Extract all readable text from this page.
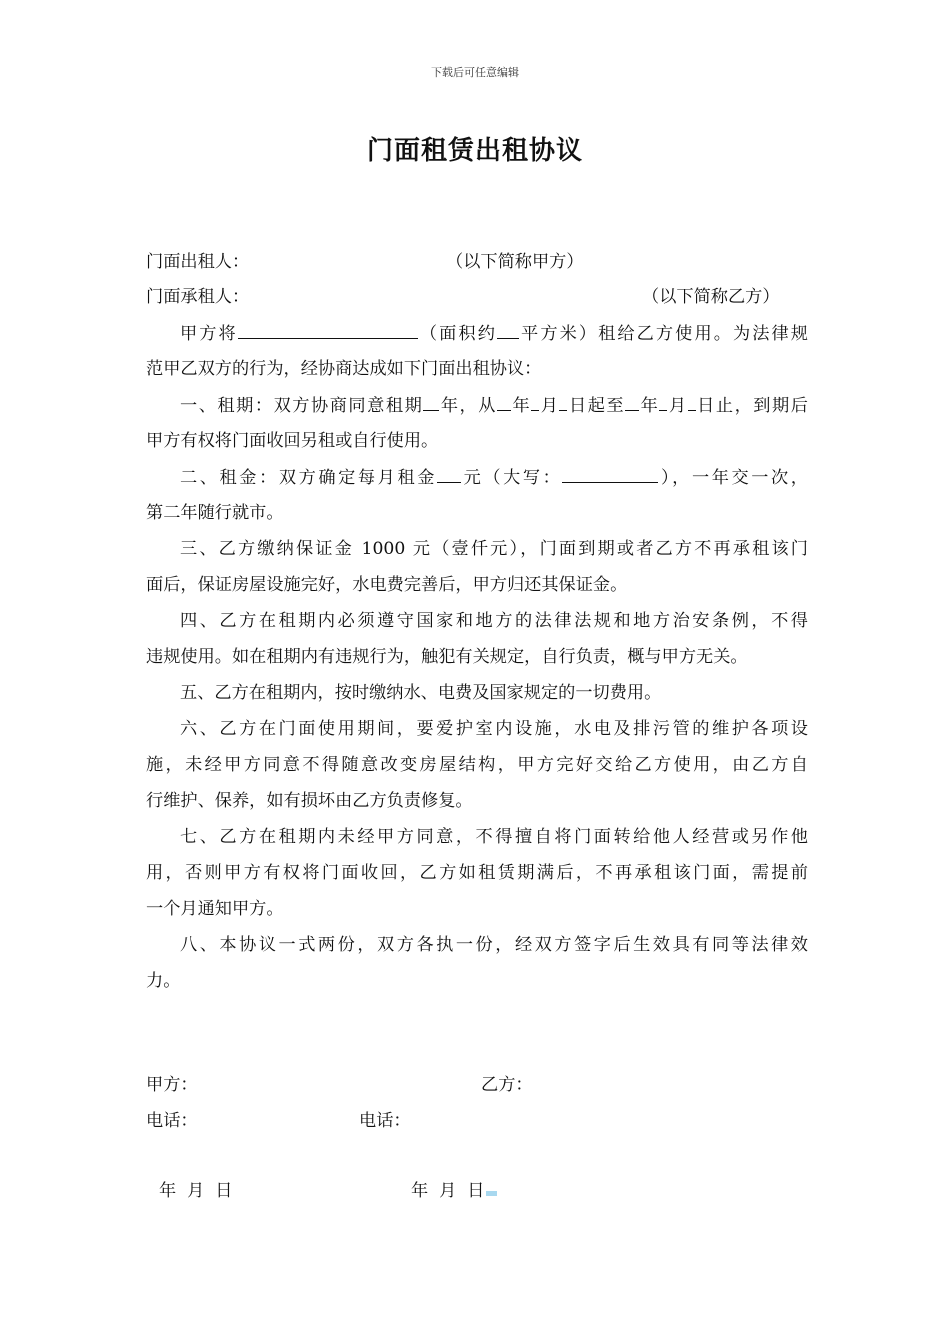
下载后可任意编辑
门面租赁出租协议
门面出租人：	（以下简称甲方）
门面承租人：	（以下简称乙方）
甲方将	（面积约 平方米）租给乙方使用。为法律规
范甲乙双方的行为，经协商达成如下门面出租协议：
一、租期：双方协商同意租期 年，从 年 月 日起至 年 月 日止，到期后
甲方有权将门面收回另租或自行使用。
二、租金：双方确定每月租金 元（大写：	），一年交一次，
第二年随行就市。
三、乙方缴纳保证金 1000 元（壹仟元），门面到期或者乙方不再承租该门
面后，保证房屋设施完好，水电费完善后，甲方归还其保证金。
四、乙方在租期内必须遵守国家和地方的法律法规和地方治安条例，不得
违规使用。如在租期内有违规行为，触犯有关规定，自行负责，概与甲方无关。
五、乙方在租期内，按时缴纳水、电费及国家规定的一切费用。
六、乙方在门面使用期间，要爱护室内设施，水电及排污管的维护各项设
施，未经甲方同意不得随意改变房屋结构，甲方完好交给乙方使用，由乙方自
行维护、保养，如有损坏由乙方负责修复。
七、乙方在租期内未经甲方同意，不得擅自将门面转给他人经营或另作他
用，否则甲方有权将门面收回，乙方如租赁期满后，不再承租该门面，需提前
一个月通知甲方。
八、本协议一式两份，双方各执一份，经双方签字后生效具有同等法律效
力。
甲方：	乙方：
电话：	电话：
年  月  日	年  月  日
